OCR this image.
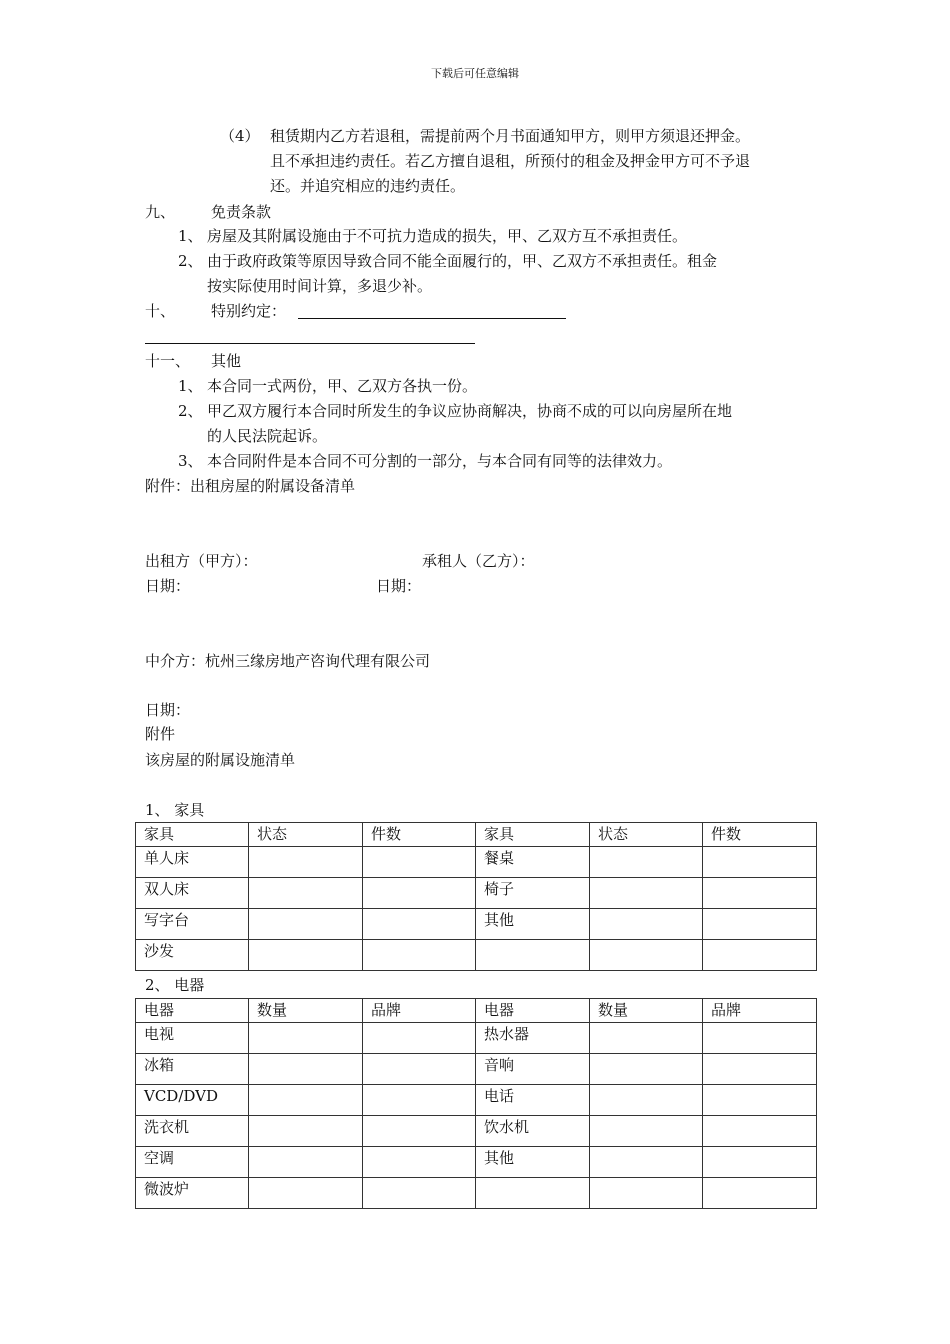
下载后可任意编辑
（4） 租赁期内乙方若退租，需提前两个月书面通知甲方，则甲方须退还押金。
且不承担违约责任。若乙方擅自退租，所预付的租金及押金甲方可不予退
还。并追究相应的违约责任。
九、 免责条款
1、 房屋及其附属设施由于不可抗力造成的损失，甲、乙双方互不承担责任。
2、 由于政府政策等原因导致合同不能全面履行的，甲、乙双方不承担责任。租金
按实际使用时间计算，多退少补。
十、 特别约定：
十一、 其他
1、 本合同一式两份，甲、乙双方各执一份。
2、 甲乙双方履行本合同时所发生的争议应协商解决，协商不成的可以向房屋所在地
的人民法院起诉。
3、 本合同附件是本合同不可分割的一部分，与本合同有同等的法律效力。
附件：出租房屋的附属设备清单
出租方（甲方）：	承租人（乙方）：
日期：	日期：
中介方：杭州三缘房地产咨询代理有限公司
日期：
附件
该房屋的附属设施清单
1、 家具
家具	状态	件数	家具	状态	件数
单人床			餐桌		
双人床			椅子		
写字台			其他		
沙发					
2、 电器
电器	数量	品牌	电器	数量	品牌
电视			热水器		
冰箱			音响		
VCD/DVD			电话		
洗衣机			饮水机		
空调			其他		
微波炉					
